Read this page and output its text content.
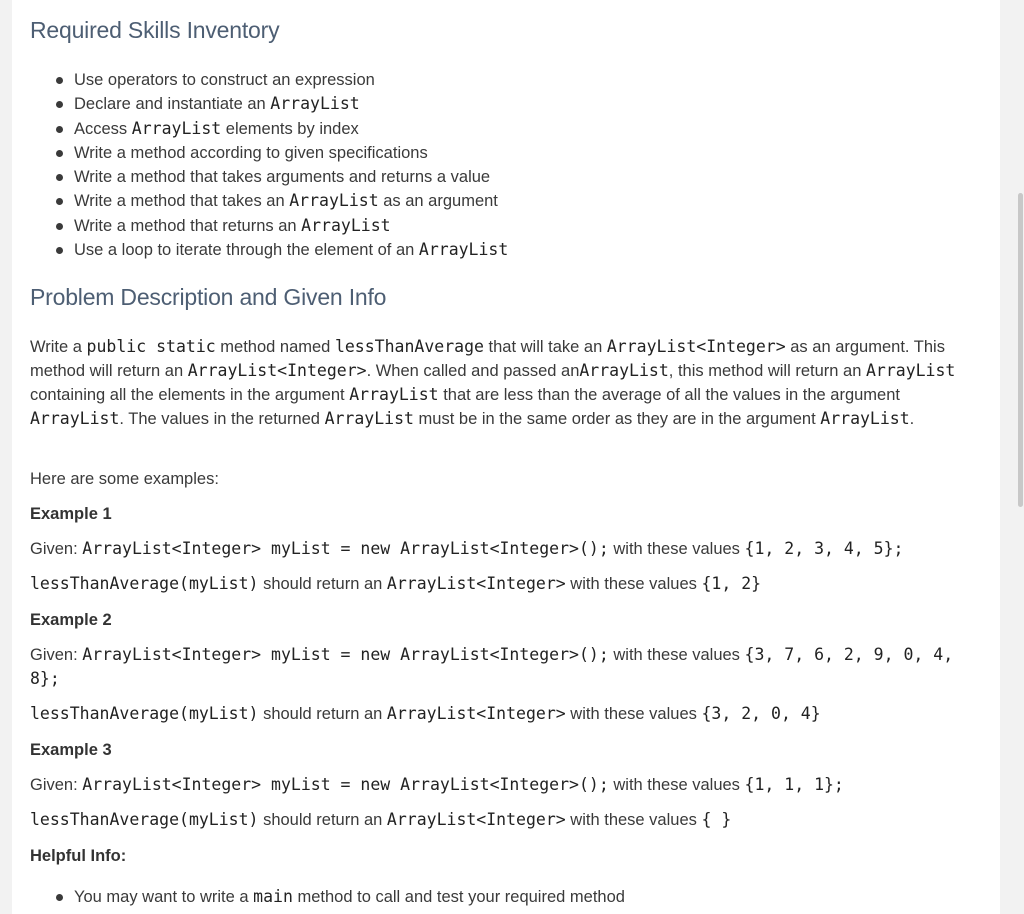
Required Skills Inventory
Use operators to construct an expression
Declare and instantiate an ArrayList
Access ArrayList elements by index
Write a method according to given specifications
Write a method that takes arguments and returns a value
Write a method that takes an ArrayList as an argument
Write a method that returns an ArrayList
Use a loop to iterate through the element of an ArrayList
Problem Description and Given Info

Write a public static method named lessThanAverage that will take an ArrayList<Integer> as an argument. This method will return an ArrayList<Integer>. When called and passed anArrayList, this method will return an ArrayList containing all the elements in the argument ArrayList that are less than the average of all the values in the argument ArrayList. The values in the returned ArrayList must be in the same order as they are in the argument ArrayList.

Here are some examples:

Example 1

Given: ArrayList<Integer> myList = new ArrayList<Integer>(); with these values {1, 2, 3, 4, 5};

lessThanAverage(myList) should return an ArrayList<Integer> with these values {1, 2}

Example 2

Given: ArrayList<Integer> myList = new ArrayList<Integer>(); with these values {3, 7, 6, 2, 9, 0, 4, 8};

lessThanAverage(myList) should return an ArrayList<Integer> with these values {3, 2, 0, 4}

Example 3

Given: ArrayList<Integer> myList = new ArrayList<Integer>(); with these values {1, 1, 1};

lessThanAverage(myList) should return an ArrayList<Integer> with these values { }

Helpful Info:

You may want to write a main method to call and test your required method
